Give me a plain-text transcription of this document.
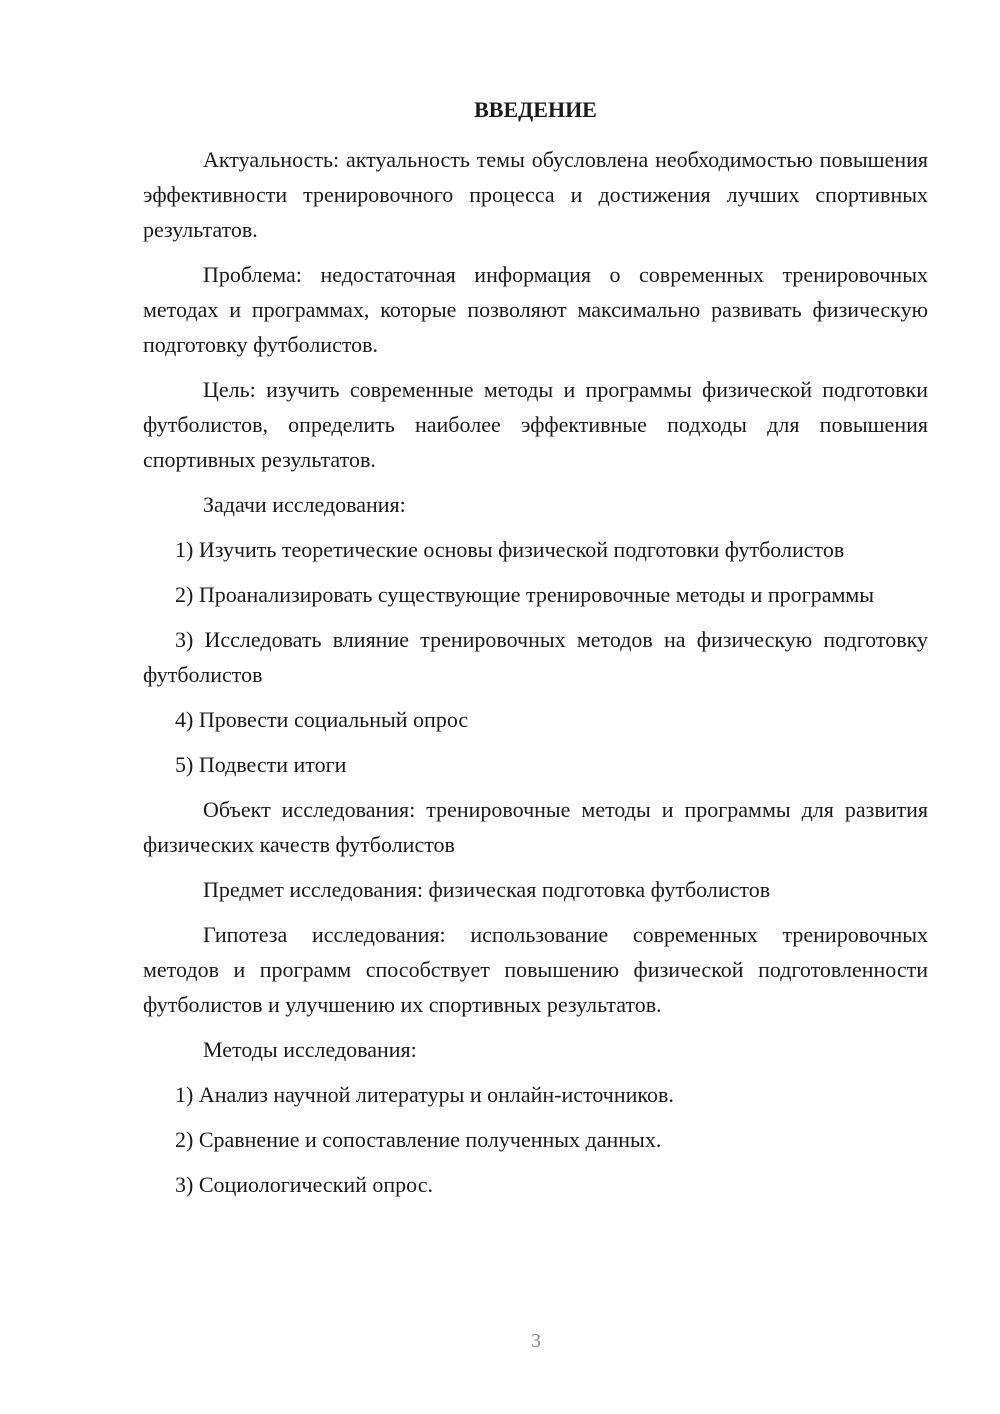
ВВЕДЕНИЕ

Актуальность: актуальность темы обусловлена необходимостью повышения эффективности тренировочного процесса и достижения лучших спортивных результатов.

Проблема: недостаточная информация о современных тренировочных методах и программах, которые позволяют максимально развивать физическую подготовку футболистов.

Цель: изучить современные методы и программы физической подготовки футболистов, определить наиболее эффективные подходы для повышения спортивных результатов.

Задачи исследования:

1) Изучить теоретические основы физической подготовки футболистов

2) Проанализировать существующие тренировочные методы и программы

3) Исследовать влияние тренировочных методов на физическую подготовку футболистов

4) Провести социальный опрос

5) Подвести итоги

Объект исследования: тренировочные методы и программы для развития физических качеств футболистов

Предмет исследования: физическая подготовка футболистов

Гипотеза исследования: использование современных тренировочных методов и программ способствует повышению физической подготовленности футболистов и улучшению их спортивных результатов.

Методы исследования:

1) Анализ научной литературы и онлайн-источников.

2) Сравнение и сопоставление полученных данных.

3) Социологический опрос.

3
